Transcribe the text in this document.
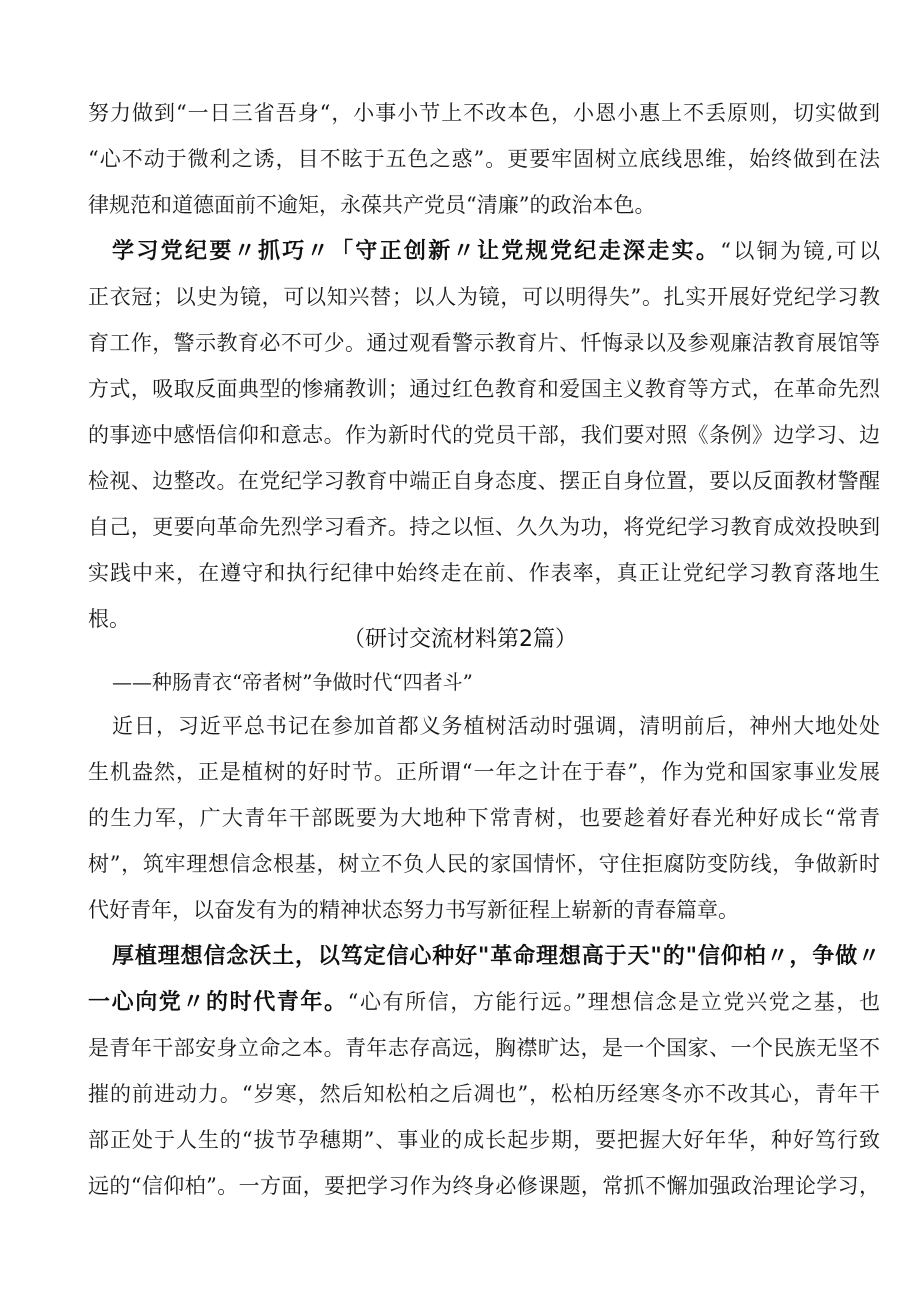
努力做到“一日三省吾身“，小事小节上不改本色，小恩小惠上不丢原则，切实做到
“心不动于微利之诱，目不眩于五色之惑”。更要牢固树立底线思维，始终做到在法
律规范和道德面前不逾矩，永葆共产党员“清廉”的政治本色。
学习党纪要〃抓巧〃「守正创新〃让党规党纪走深走实。“以铜为镜,可以
正衣冠；以史为镜，可以知兴替；以人为镜，可以明得失”。扎实开展好党纪学习教
育工作，警示教育必不可少。通过观看警示教育片、忏悔录以及参观廉洁教育展馆等
方式，吸取反面典型的惨痛教训；通过红色教育和爱国主义教育等方式，在革命先烈
的事迹中感悟信仰和意志。作为新时代的党员干部，我们要对照《条例》边学习、边
检视、边整改。在党纪学习教育中端正自身态度、摆正自身位置，要以反面教材警醒
自己，更要向革命先烈学习看齐。持之以恒、久久为功，将党纪学习教育成效投映到
实践中来，在遵守和执行纪律中始终走在前、作表率，真正让党纪学习教育落地生
根。
（研讨交流材料第2篇）
——种肠青衣“帝者树”争做时代“四者斗”
近日，习近平总书记在参加首都义务植树活动时强调，清明前后，神州大地处处
生机盎然，正是植树的好时节。正所谓“一年之计在于春”，作为党和国家事业发展
的生力军，广大青年干部既要为大地种下常青树，也要趁着好春光种好成长“常青
树”，筑牢理想信念根基，树立不负人民的家国情怀，守住拒腐防变防线，争做新时
代好青年，以奋发有为的精神状态努力书写新征程上崭新的青春篇章。
厚植理想信念沃土，以笃定信心种好"革命理想高于天"的"信仰柏〃，争做〃
一心向党〃的时代青年。“心有所信，方能行远。”理想信念是立党兴党之基，也
是青年干部安身立命之本。青年志存高远，胸襟旷达，是一个国家、一个民族无坚不
摧的前进动力。“岁寒，然后知松柏之后凋也”，松柏历经寒冬亦不改其心，青年干
部正处于人生的“拔节孕穗期”、事业的成长起步期，要把握大好年华，种好笃行致
远的“信仰柏”。一方面，要把学习作为终身必修课题，常抓不懈加强政治理论学习，
